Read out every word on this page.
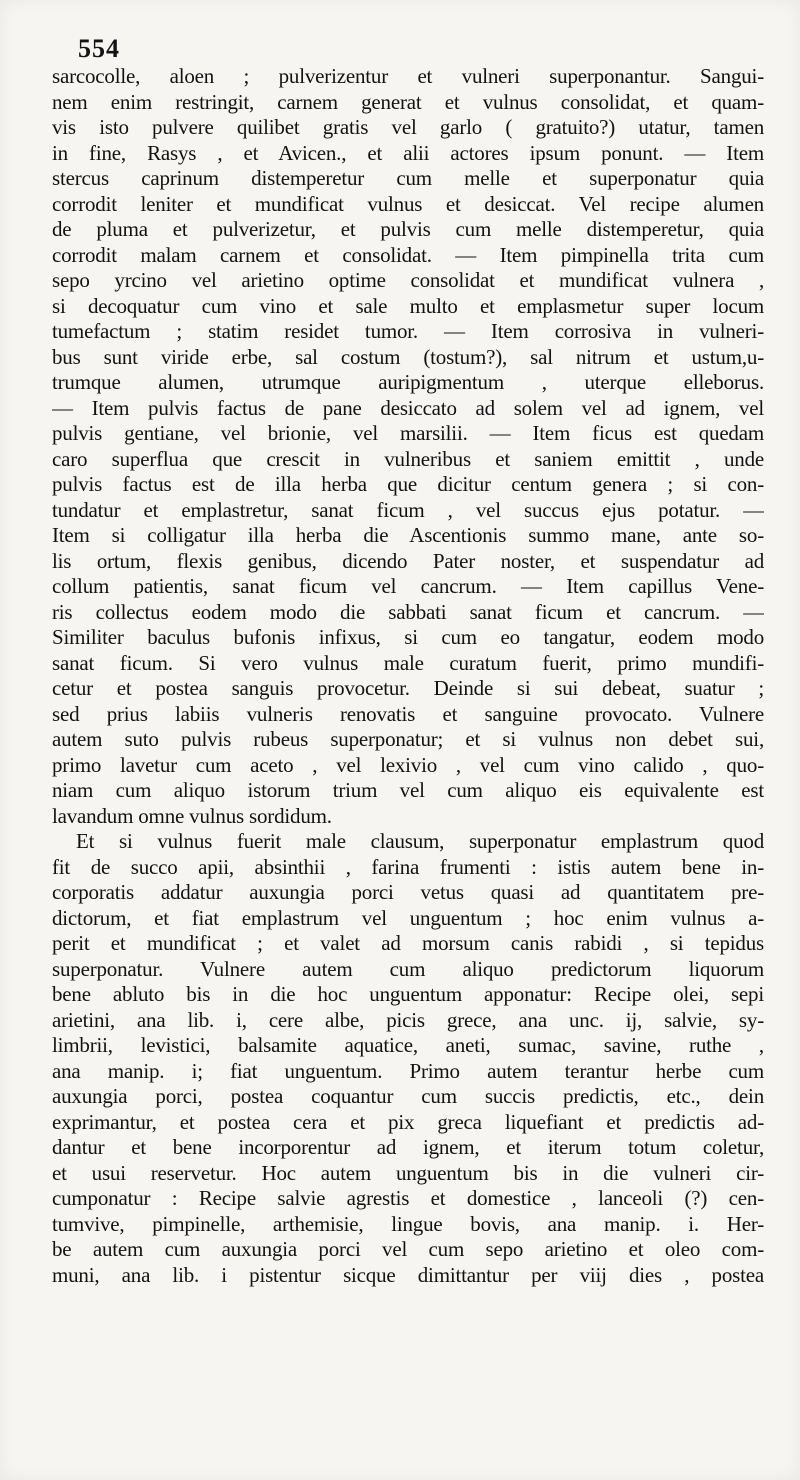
554
sarcocolle, aloen ; pulverizentur et vulneri superponantur. Sangui-
nem enim restringit, carnem generat et vulnus consolidat, et quam-
vis isto pulvere quilibet gratis vel garlo ( gratuito?) utatur, tamen
in fine, Rasys , et Avicen., et alii actores ipsum ponunt. — Item
stercus caprinum distemperetur cum melle et superponatur quia
corrodit leniter et mundificat vulnus et desiccat. Vel recipe alumen
de pluma et pulverizetur, et pulvis cum melle distemperetur, quia
corrodit malam carnem et consolidat. — Item pimpinella trita cum
sepo yrcino vel arietino optime consolidat et mundificat vulnera ,
si decoquatur cum vino et sale multo et emplasmetur super locum
tumefactum ; statim residet tumor. — Item corrosiva in vulneri-
bus sunt viride erbe, sal costum (tostum?), sal nitrum et ustum,u-
trumque alumen, utrumque auripigmentum , uterque elleborus.
— Item pulvis factus de pane desiccato ad solem vel ad ignem, vel
pulvis gentiane, vel brionie, vel marsilii. — Item ficus est quedam
caro superflua que crescit in vulneribus et saniem emittit , unde
pulvis factus est de illa herba que dicitur centum genera ; si con-
tundatur et emplastretur, sanat ficum , vel succus ejus potatur. —
Item si colligatur illa herba die Ascentionis summo mane, ante so-
lis ortum, flexis genibus, dicendo Pater noster, et suspendatur ad
collum patientis, sanat ficum vel cancrum. — Item capillus Vene-
ris collectus eodem modo die sabbati sanat ficum et cancrum. —
Similiter baculus bufonis infixus, si cum eo tangatur, eodem modo
sanat ficum. Si vero vulnus male curatum fuerit, primo mundifi-
cetur et postea sanguis provocetur. Deinde si sui debeat, suatur ;
sed prius labiis vulneris renovatis et sanguine provocato. Vulnere
autem suto pulvis rubeus superponatur; et si vulnus non debet sui,
primo lavetur cum aceto , vel lexivio , vel cum vino calido , quo-
niam cum aliquo istorum trium vel cum aliquo eis equivalente est
lavandum omne vulnus sordidum.
Et si vulnus fuerit male clausum, superponatur emplastrum quod
fit de succo apii, absinthii , farina frumenti : istis autem bene in-
corporatis addatur auxungia porci vetus quasi ad quantitatem pre-
dictorum, et fiat emplastrum vel unguentum ; hoc enim vulnus a-
perit et mundificat ; et valet ad morsum canis rabidi , si tepidus
superponatur. Vulnere autem cum aliquo predictorum liquorum
bene abluto bis in die hoc unguentum apponatur: Recipe olei, sepi
arietini, ana lib. i, cere albe, picis grece, ana unc. ij, salvie, sy-
limbrii, levistici, balsamite aquatice, aneti, sumac, savine, ruthe ,
ana manip. i; fiat unguentum. Primo autem terantur herbe cum
auxungia porci, postea coquantur cum succis predictis, etc., dein
exprimantur, et postea cera et pix greca liquefiant et predictis ad-
dantur et bene incorporentur ad ignem, et iterum totum coletur,
et usui reservetur. Hoc autem unguentum bis in die vulneri cir-
cumponatur : Recipe salvie agrestis et domestice , lanceoli (?) cen-
tumvive, pimpinelle, arthemisie, lingue bovis, ana manip. i. Her-
be autem cum auxungia porci vel cum sepo arietino et oleo com-
muni, ana lib. i pistentur sicque dimittantur per viij dies , postea
